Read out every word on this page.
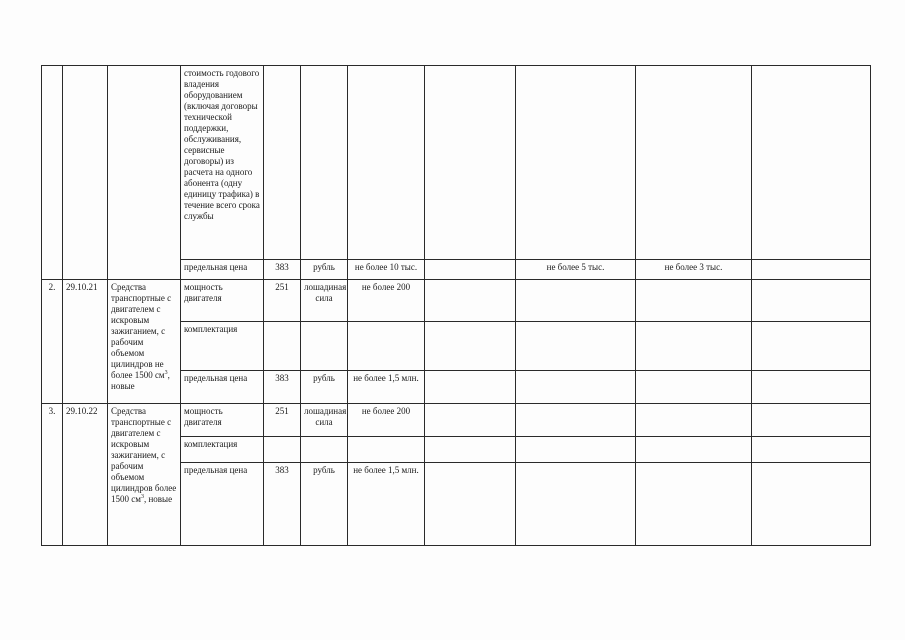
			стоимость годового владения оборудованием (включая договоры технической поддержки, обслуживания, сервисные договоры) из расчета на одного абонента (одну единицу трафика) в течение всего срока службы							
			предельная цена	383	рубль	не более 10 тыс.		не более 5 тыс.	не более 3 тыс.	
2.	29.10.21	Средства транспортные с двигателем с искровым зажиганием, с рабочим объемом цилиндров не более 1500 $см^3$, новые	мощность двигателя	251	лошадиная сила	не более 200				
			комплектация							
			предельная цена	383	рубль	не более 1,5 млн.				
3.	29.10.22	Средства транспортные с двигателем с искровым зажиганием, с рабочим объемом цилиндров более 1500 $см^3$, новые	мощность двигателя	251	лошадиная сила	не более 200				
			комплектация							
			предельная цена	383	рубль	не более 1,5 млн.				
